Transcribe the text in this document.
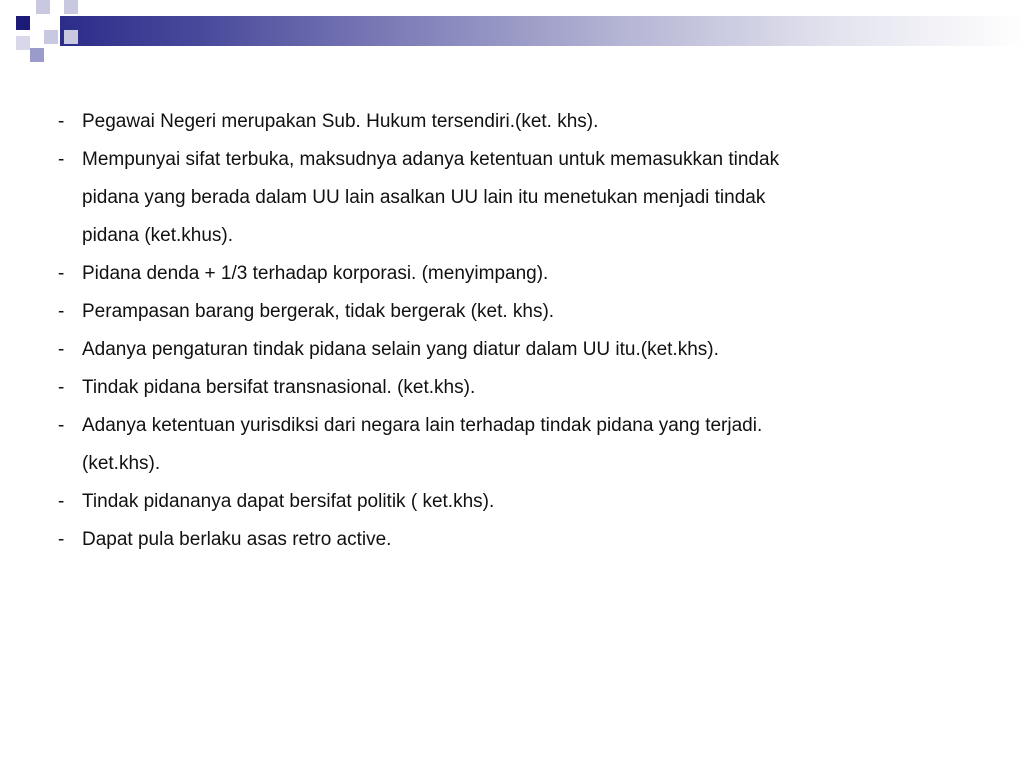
- Pegawai Negeri merupakan Sub. Hukum tersendiri.(ket. khs).
- Mempunyai sifat terbuka, maksudnya adanya ketentuan untuk memasukkan tindak
pidana yang berada dalam UU lain asalkan UU lain itu menetukan menjadi tindak
pidana (ket.khus).
- Pidana denda + 1/3 terhadap korporasi. (menyimpang).
- Perampasan barang bergerak, tidak bergerak (ket. khs).
- Adanya pengaturan tindak pidana selain yang diatur dalam UU itu.(ket.khs).
- Tindak pidana bersifat transnasional. (ket.khs).
- Adanya ketentuan yurisdiksi dari negara lain terhadap tindak pidana yang terjadi.
(ket.khs).
- Tindak pidananya dapat bersifat politik ( ket.khs).
- Dapat pula berlaku asas retro active.
